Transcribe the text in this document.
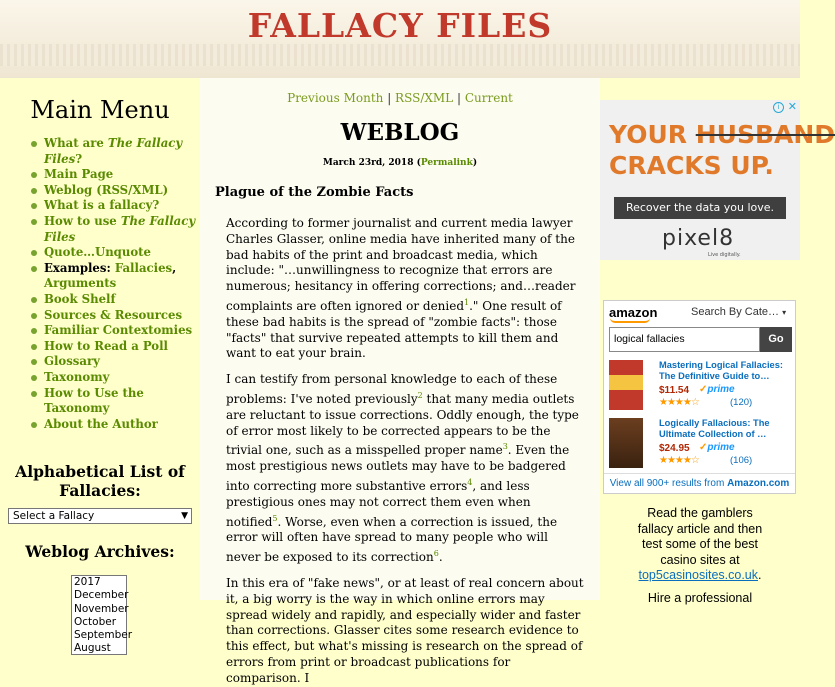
FALLACY FILES
Main Menu
What are The Fallacy Files?
Main Page
Weblog (RSS/XML)
What is a fallacy?
How to use The Fallacy Files
Quote…Unquote
Examples: Fallacies,
Arguments
Book Shelf
Sources & Resources
Familiar Contextomies
How to Read a Poll
Glossary
Taxonomy
How to Use the Taxonomy
About the Author
Alphabetical List of Fallacies:
Select a Fallacy	▼
Weblog Archives:
2017
December
November
October
September
August
Previous Month | RSS/XML | Current
WEBLOG
March 23rd, 2018 (Permalink)
Plague of the Zombie Facts

According to former journalist and current media lawyer Charles Glasser, online media have inherited many of the bad habits of the print and broadcast media, which include: "…unwillingness to recognize that errors are numerous; hesitancy in offering corrections; and…reader complaints are often ignored or denied$^1$." One result of these bad habits is the spread of "zombie facts": those "facts" that survive repeated attempts to kill them and want to eat your brain.

I can testify from personal knowledge to each of these problems: I've noted previously$^2$ that many media outlets are reluctant to issue corrections. Oddly enough, the type of error most likely to be corrected appears to be the trivial one, such as a misspelled proper name$^3$. Even the most prestigious news outlets may have to be badgered into correcting more substantive errors$^4$, and less prestigious ones may not correct them even when notified$^5$. Worse, even when a correction is issued, the error will often have spread to many people who will never be exposed to its correction$^6$.

In this era of "fake news", or at least of real concern about it, a big worry is the way in which online errors may spread widely and rapidly, and especially wider and faster than corrections. Glasser cites some research evidence to this effect, but what's missing is research on the spread of errors from print or broadcast publications for comparison. I

i ✕
YOUR HUSBAND
CRACKS UP.
Recover the data you love.
pixel8
Live digitally.
amazon	Search By Cate… ▾
logical fallacies	Go
Mastering Logical Fallacies: The Definitive Guide to…
$11.54 ✓prime
★★★★☆	(120)
Logically Fallacious: The Ultimate Collection of …
$24.95 ✓prime
★★★★☆	(106)
View all 900+ results from Amazon.com
Read the gamblers
fallacy article and then
test some of the best
casino sites at
top5casinosites.co.uk.
Hire a professional
